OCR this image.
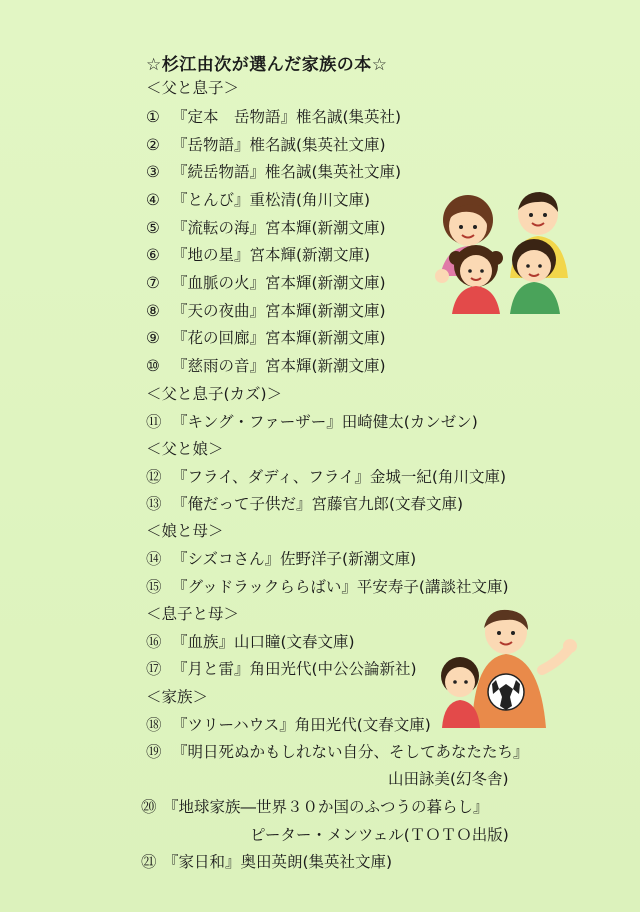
☆杉江由次が選んだ家族の本☆
＜父と息子＞
① 『定本　岳物語』椎名誠(集英社)
② 『岳物語』椎名誠(集英社文庫)
③ 『続岳物語』椎名誠(集英社文庫)
④ 『とんび』重松清(角川文庫)
⑤ 『流転の海』宮本輝(新潮文庫)
⑥ 『地の星』宮本輝(新潮文庫)
⑦ 『血脈の火』宮本輝(新潮文庫)
⑧ 『天の夜曲』宮本輝(新潮文庫)
⑨ 『花の回廊』宮本輝(新潮文庫)
⑩ 『慈雨の音』宮本輝(新潮文庫)
＜父と息子(カズ)＞
⑪ 『キング・ファーザー』田崎健太(カンゼン)
＜父と娘＞
⑫ 『フライ、ダディ、フライ』金城一紀(角川文庫)
⑬ 『俺だって子供だ』宮藤官九郎(文春文庫)
＜娘と母＞
⑭ 『シズコさん』佐野洋子(新潮文庫)
⑮ 『グッドラックららばい』平安寿子(講談社文庫)
＜息子と母＞
⑯ 『血族』山口瞳(文春文庫)
⑰ 『月と雷』角田光代(中公公論新社)
＜家族＞
⑱ 『ツリーハウス』角田光代(文春文庫)
⑲ 『明日死ぬかもしれない自分、そしてあなたたち』
山田詠美(幻冬舎)
⑳ 『地球家族―世界３０か国のふつうの暮らし』
ピーター・メンツェル(ＴＯＴＯ出版)
㉑ 『家日和』奥田英朗(集英社文庫)
